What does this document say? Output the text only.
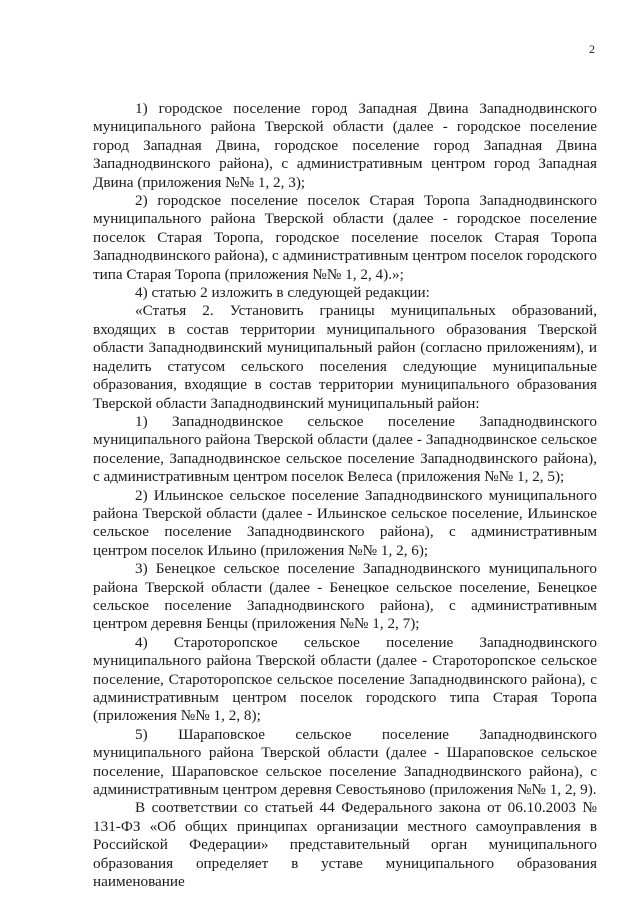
2

1) городское поселение город Западная Двина Западнодвинского муниципального района Тверской области (далее - городское поселение город Западная Двина, городское поселение город Западная Двина Западнодвинского района), с административным центром город Западная Двина (приложения №№ 1, 2, 3);

2) городское поселение поселок Старая Торопа Западнодвинского муниципального района Тверской области (далее - городское поселение поселок Старая Торопа, городское поселение поселок Старая Торопа Западнодвинского района), с административным центром поселок городского типа Старая Торопа (приложения №№ 1, 2, 4).»;

4) статью 2 изложить в следующей редакции:

«Статья 2. Установить границы муниципальных образований, входящих в состав территории муниципального образования Тверской области Западнодвинский муниципальный район (согласно приложениям), и наделить статусом сельского поселения следующие муниципальные образования, входящие в состав территории муниципального образования Тверской области Западнодвинский муниципальный район:

1) Западнодвинское сельское поселение Западнодвинского муниципального района Тверской области (далее - Западнодвинское сельское поселение, Западнодвинское сельское поселение Западнодвинского района), с административным центром поселок Велеса (приложения №№ 1, 2, 5);

2) Ильинское сельское поселение Западнодвинского муниципального района Тверской области (далее - Ильинское сельское поселение, Ильинское сельское поселение Западнодвинского района), с административным центром поселок Ильино (приложения №№ 1, 2, 6);

3) Бенецкое сельское поселение Западнодвинского муниципального района Тверской области (далее - Бенецкое сельское поселение, Бенецкое сельское поселение Западнодвинского района), с административным центром деревня Бенцы (приложения №№ 1, 2, 7);

4) Староторопское сельское поселение Западнодвинского муниципального района Тверской области (далее - Староторопское сельское поселение, Староторопское сельское поселение Западнодвинского района), с административным центром поселок городского типа Старая Торопа (приложения №№ 1, 2, 8);

5) Шараповское сельское поселение Западнодвинского муниципального района Тверской области (далее - Шараповское сельское поселение, Шараповское сельское поселение Западнодвинского района), с административным центром деревня Севостьяново (приложения №№ 1, 2, 9).

В соответствии со статьей 44 Федерального закона от 06.10.2003 № 131-ФЗ «Об общих принципах организации местного самоуправления в Российской Федерации» представительный орган муниципального образования определяет в уставе муниципального образования наименование
